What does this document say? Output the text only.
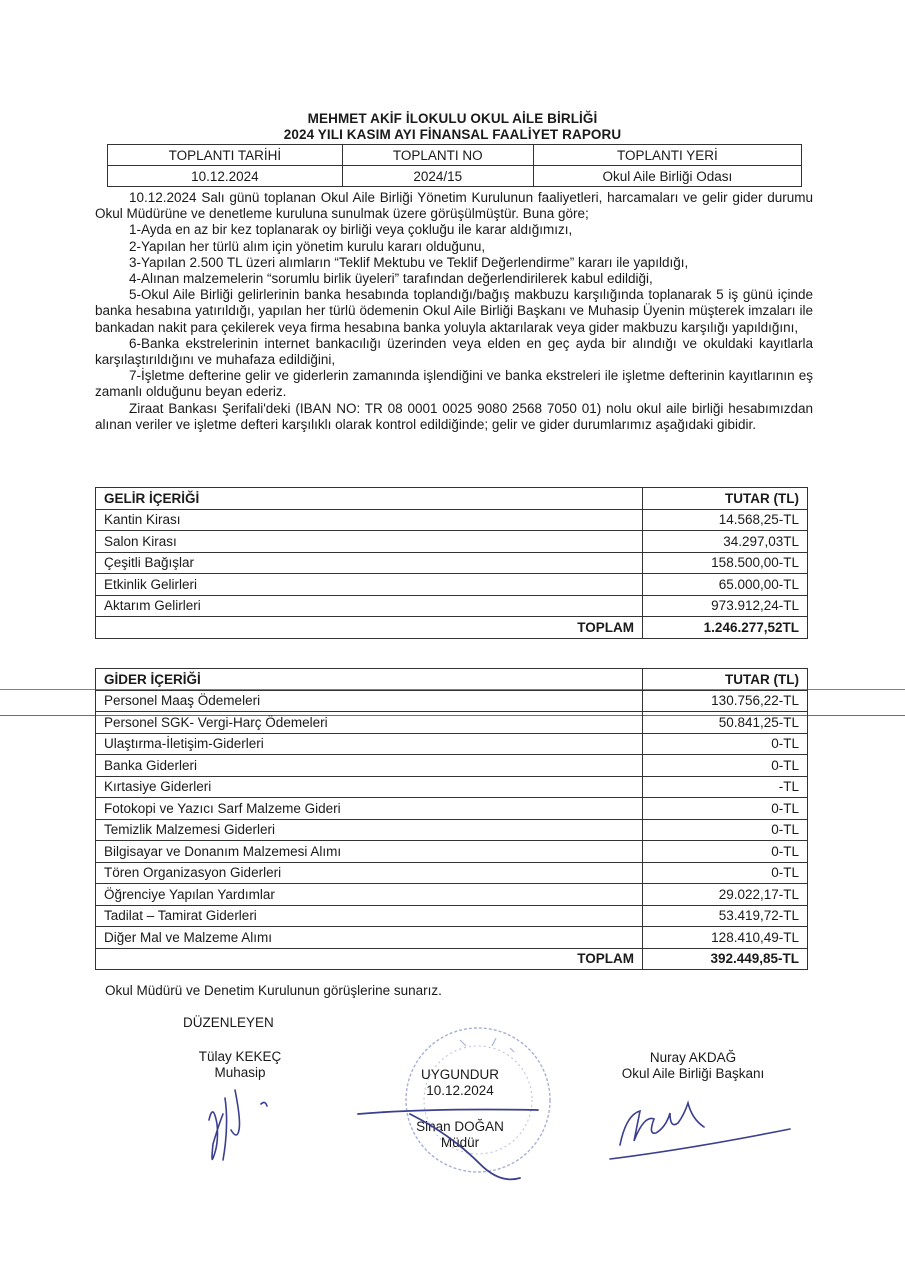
MEHMET AKİF İLOKULU OKUL AİLE BİRLİĞİ
2024 YILI KASIM AYI FİNANSAL FAALİYET RAPORU
TOPLANTI TARİHİ	TOPLANTI NO	TOPLANTI YERİ
10.12.2024	2024/15	Okul Aile Birliği Odası

10.12.2024 Salı günü toplanan Okul Aile Birliği Yönetim Kurulunun faaliyetleri, harcamaları ve gelir gider durumu Okul Müdürüne ve denetleme kuruluna sunulmak üzere görüşülmüştür. Buna göre;

1-Ayda en az bir kez toplanarak oy birliği veya çokluğu ile karar aldığımızı,

2-Yapılan her türlü alım için yönetim kurulu kararı olduğunu,

3-Yapılan 2.500 TL üzeri alımların “Teklif Mektubu ve Teklif Değerlendirme” kararı ile yapıldığı,

4-Alınan malzemelerin “sorumlu birlik üyeleri” tarafından değerlendirilerek kabul edildiği,

5-Okul Aile Birliği gelirlerinin banka hesabında toplandığı/bağış makbuzu karşılığında toplanarak 5 iş günü içinde banka hesabına yatırıldığı, yapılan her türlü ödemenin Okul Aile Birliği Başkanı ve Muhasip Üyenin müşterek imzaları ile bankadan nakit para çekilerek veya firma hesabına banka yoluyla aktarılarak veya gider makbuzu karşılığı yapıldığını,

6-Banka ekstrelerinin internet bankacılığı üzerinden veya elden en geç ayda bir alındığı ve okuldaki kayıtlarla karşılaştırıldığını ve muhafaza edildiğini,

7-İşletme defterine gelir ve giderlerin zamanında işlendiğini ve banka ekstreleri ile işletme defterinin kayıtlarının eş zamanlı olduğunu beyan ederiz.

Ziraat Bankası Şerifali'deki (IBAN NO: TR 08 0001 0025 9080 2568 7050 01) nolu okul aile birliği hesabımızdan alınan veriler ve işletme defteri karşılıklı olarak kontrol edildiğinde; gelir ve gider durumlarımız aşağıdaki gibidir.

GELİR İÇERİĞİ	TUTAR (TL)
Kantin Kirası	14.568,25-TL
Salon Kirası	34.297,03TL
Çeşitli Bağışlar	158.500,00-TL
Etkinlik Gelirleri	65.000,00-TL
Aktarım Gelirleri	973.912,24-TL
TOPLAM	1.246.277,52TL
GİDER İÇERİĞİ	TUTAR (TL)
Personel Maaş Ödemeleri	130.756,22-TL
Personel SGK- Vergi-Harç Ödemeleri	50.841,25-TL
Ulaştırma-İletişim-Giderleri	0-TL
Banka Giderleri	0-TL
Kırtasiye Giderleri	-TL
Fotokopi ve Yazıcı Sarf Malzeme Gideri	0-TL
Temizlik Malzemesi Giderleri	0-TL
Bilgisayar ve Donanım Malzemesi Alımı	0-TL
Tören Organizasyon Giderleri	0-TL
Öğrenciye Yapılan Yardımlar	29.022,17-TL
Tadilat – Tamirat Giderleri	53.419,72-TL
Diğer Mal ve Malzeme Alımı	128.410,49-TL
TOPLAM	392.449,85-TL
Okul Müdürü ve Denetim Kurulunun görüşlerine sunarız.
DÜZENLEYEN
Tülay KEKEÇ
Muhasip	UYGUNDUR
10.12.2024
Sinan DOĞAN
Müdür
Nuray AKDAĞ
Okul Aile Birliği Başkanı
